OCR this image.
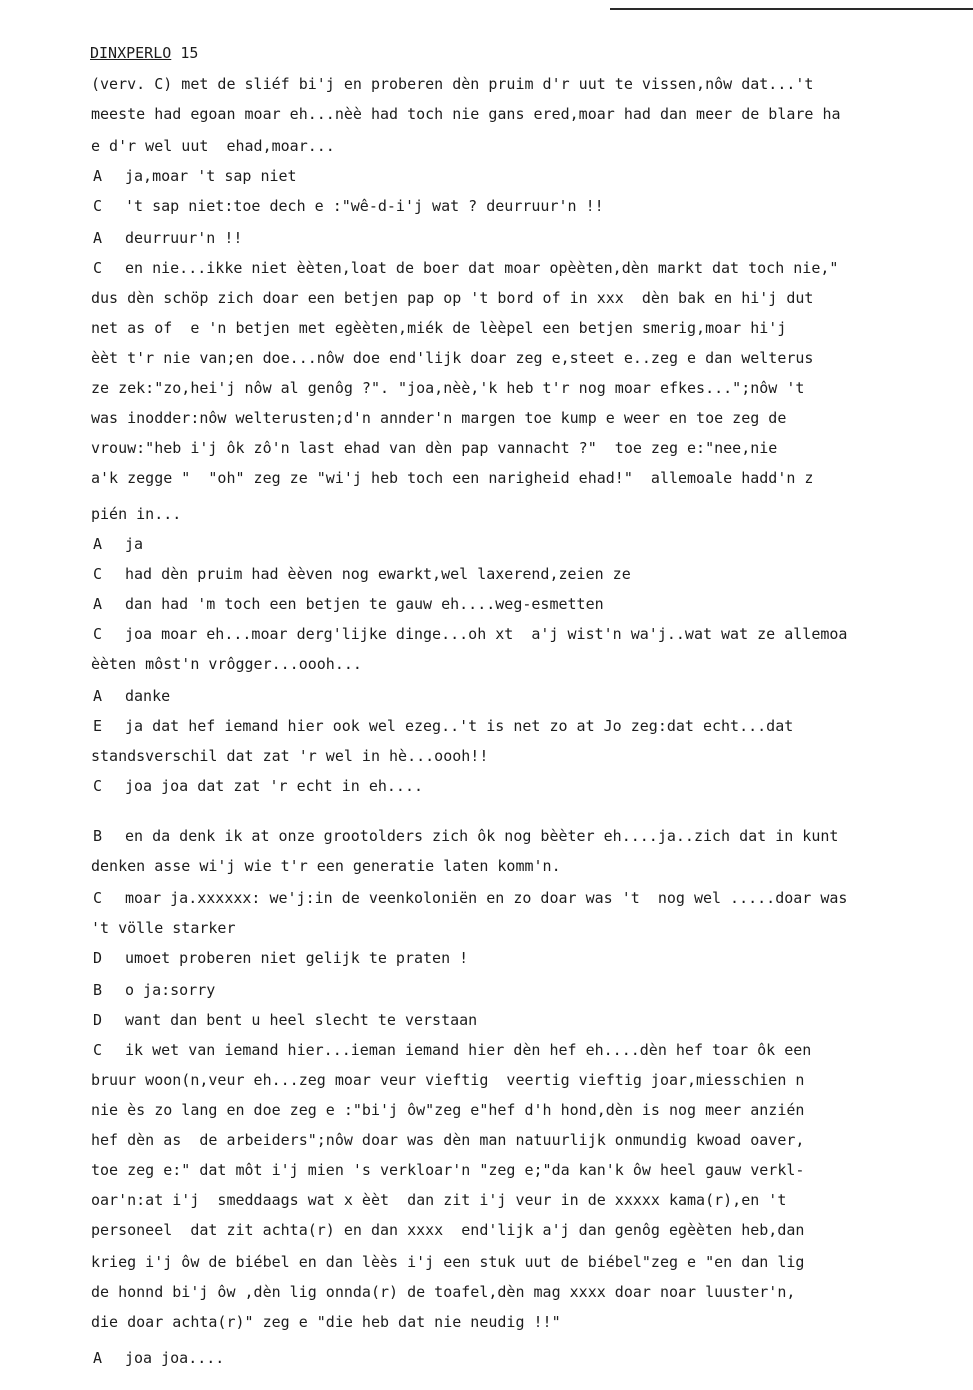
DINXPERLO 15
(verv. C) met de sliéf bi'j en proberen dèn pruim d'r uut te vissen,nôw dat...'t
meeste had egoan moar eh...nèè had toch nie gans ered,moar had dan meer de blare ha
e d'r wel uut  ehad,moar...
A ja,moar 't sap niet
C 't sap niet:toe dech e :"wê-d-i'j wat ? deurruur'n !!
A deurruur'n !!
C en nie...ikke niet èèten,loat de boer dat moar opèèten,dèn markt dat toch nie,"
dus dèn schöp zich doar een betjen pap op 't bord of in xxx  dèn bak en hi'j dut
net as of  e 'n betjen met egèèten,miék de lèèpel een betjen smerig,moar hi'j
èèt t'r nie van;en doe...nôw doe end'lijk doar zeg e,steet e..zeg e dan welterus
ze zek:"zo,hei'j nôw al genôg ?". "joa,nèè,'k heb t'r nog moar efkes...";nôw 't
was inodder:nôw welterusten;d'n annder'n margen toe kump e weer en toe zeg de
vrouw:"heb i'j ôk zô'n last ehad van dèn pap vannacht ?"  toe zeg e:"nee,nie
a'k zegge "  "oh" zeg ze "wi'j heb toch een narigheid ehad!"  allemoale hadd'n z
pién in...
A ja
C had dèn pruim had èèven nog ewarkt,wel laxerend,zeien ze
A dan had 'm toch een betjen te gauw eh....weg-esmetten
C joa moar eh...moar derg'lijke dinge...oh xt  a'j wist'n wa'j..wat wat ze allemoa
èèten môst'n vrôgger...oooh...
A danke
E ja dat hef iemand hier ook wel ezeg..'t is net zo at Jo zeg:dat echt...dat
standsverschil dat zat 'r wel in hè...oooh!!
C joa joa dat zat 'r echt in eh....
B en da denk ik at onze grootolders zich ôk nog bèèter eh....ja..zich dat in kunt
denken asse wi'j wie t'r een generatie laten komm'n.
C moar ja.xxxxxx: we'j:in de veenkoloniën en zo doar was 't  nog wel .....doar was
't völle starker
D umoet proberen niet gelijk te praten !
B o ja:sorry
D want dan bent u heel slecht te verstaan
C ik wet van iemand hier...ieman iemand hier dèn hef eh....dèn hef toar ôk een
bruur woon(n,veur eh...zeg moar veur vieftig  veertig vieftig joar,miesschien n
nie ès zo lang en doe zeg e :"bi'j ôw"zeg e"hef d'h hond,dèn is nog meer anzién
hef dèn as  de arbeiders";nôw doar was dèn man natuurlijk onmundig kwoad oaver,
toe zeg e:" dat môt i'j mien 's verkloar'n "zeg e;"da kan'k ôw heel gauw verkl-
oar'n:at i'j  smeddaags wat x èèt  dan zit i'j veur in de xxxxx kama(r),en 't
personeel  dat zit achta(r) en dan xxxx  end'lijk a'j dan genôg egèèten heb,dan
krieg i'j ôw de biébel en dan lèès i'j een stuk uut de biébel"zeg e "en dan lig
de honnd bi'j ôw ,dèn lig onnda(r) de toafel,dèn mag xxxx doar noar luuster'n,
die doar achta(r)" zeg e "die heb dat nie neudig !!"
A joa joa....
